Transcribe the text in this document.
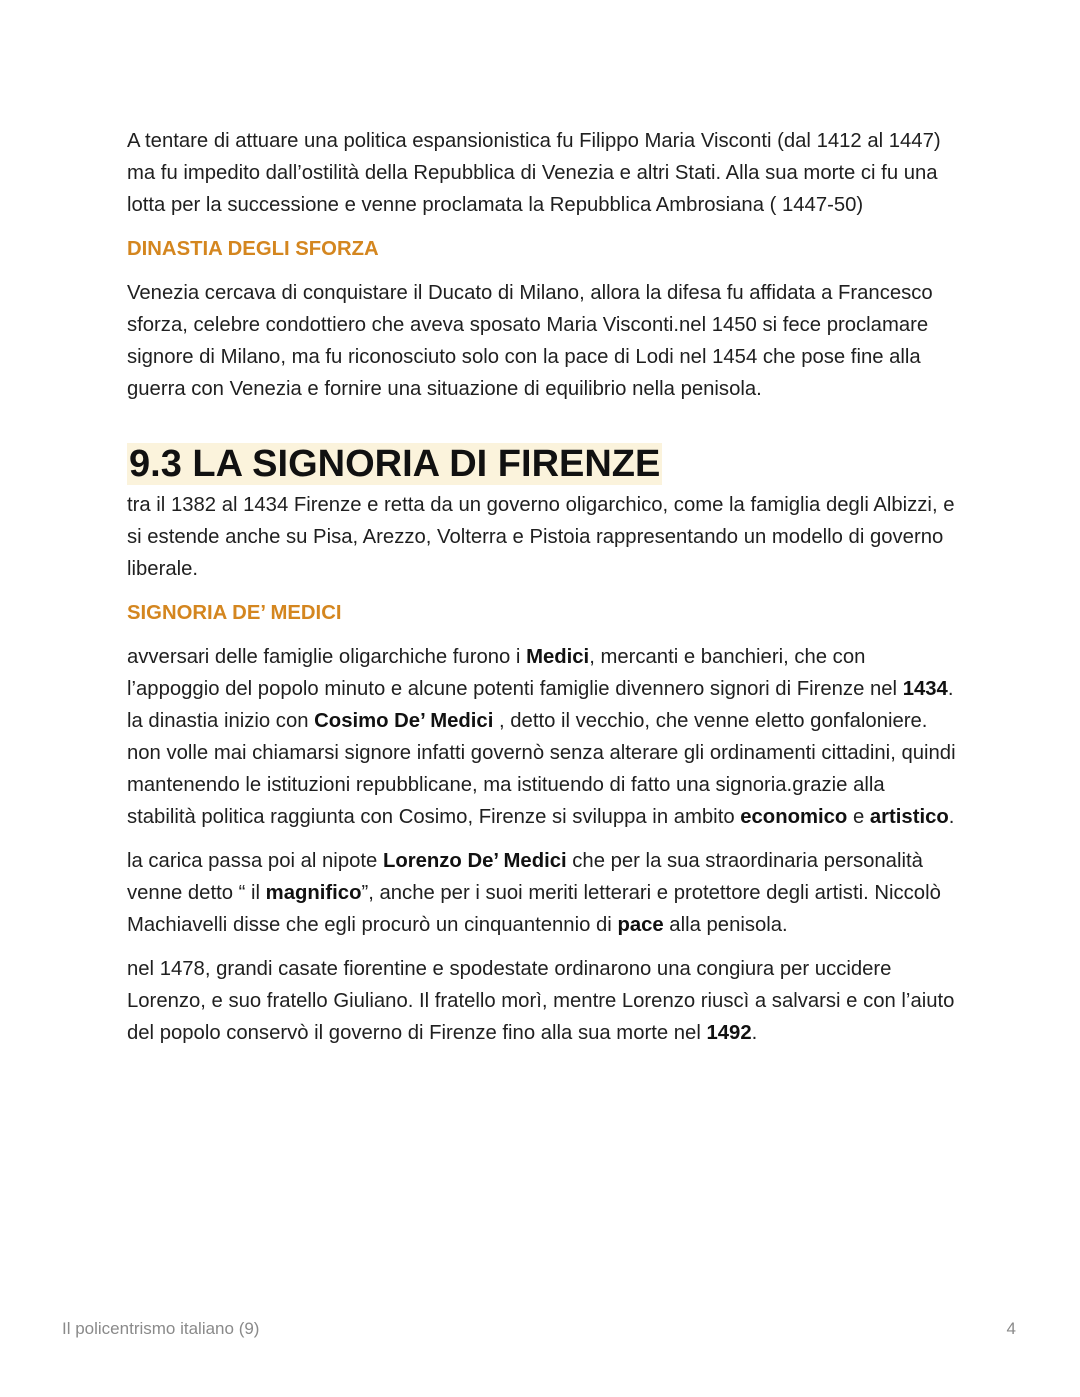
A tentare di attuare una politica espansionistica fu Filippo Maria Visconti (dal 1412 al 1447) ma fu impedito dall’ostilità della Repubblica di Venezia e altri Stati. Alla sua morte ci fu una lotta per la successione e venne proclamata la Repubblica Ambrosiana ( 1447-50)

DINASTIA DEGLI SFORZA

Venezia cercava di conquistare il Ducato di Milano, allora la difesa fu affidata a Francesco sforza, celebre condottiero che aveva sposato Maria Visconti.nel 1450 si fece proclamare signore di Milano, ma fu riconosciuto solo con la pace di Lodi nel 1454 che pose fine alla guerra con Venezia e fornire una situazione di equilibrio nella penisola.

9.3 LA SIGNORIA DI FIRENZE

tra il 1382 al 1434 Firenze e retta da un governo oligarchico, come la famiglia degli Albizzi, e si estende anche su Pisa, Arezzo, Volterra e Pistoia rappresentando un modello di governo liberale.

SIGNORIA DE’ MEDICI

avversari delle famiglie oligarchiche furono i Medici, mercanti e banchieri, che con l’appoggio del popolo minuto e alcune potenti famiglie divennero signori di Firenze nel 1434. la dinastia inizio con Cosimo De’ Medici , detto il vecchio, che venne eletto gonfaloniere. non volle mai chiamarsi signore infatti governò senza alterare gli ordinamenti cittadini, quindi mantenendo le istituzioni repubblicane, ma istituendo di fatto una signoria.grazie alla stabilità politica raggiunta con Cosimo, Firenze si sviluppa in ambito economico e artistico.

la carica passa poi al nipote Lorenzo De’ Medici che per la sua straordinaria personalità venne detto “ il magnifico”, anche per i suoi meriti letterari e protettore degli artisti. Niccolò Machiavelli disse che egli procurò un cinquantennio di pace alla penisola.

nel 1478, grandi casate fiorentine e spodestate ordinarono una congiura per uccidere Lorenzo, e suo fratello Giuliano. Il fratello morì, mentre Lorenzo riuscì a salvarsi e con l’aiuto del popolo conservò il governo di Firenze fino alla sua morte nel 1492.

Il policentrismo italiano (9)	4
